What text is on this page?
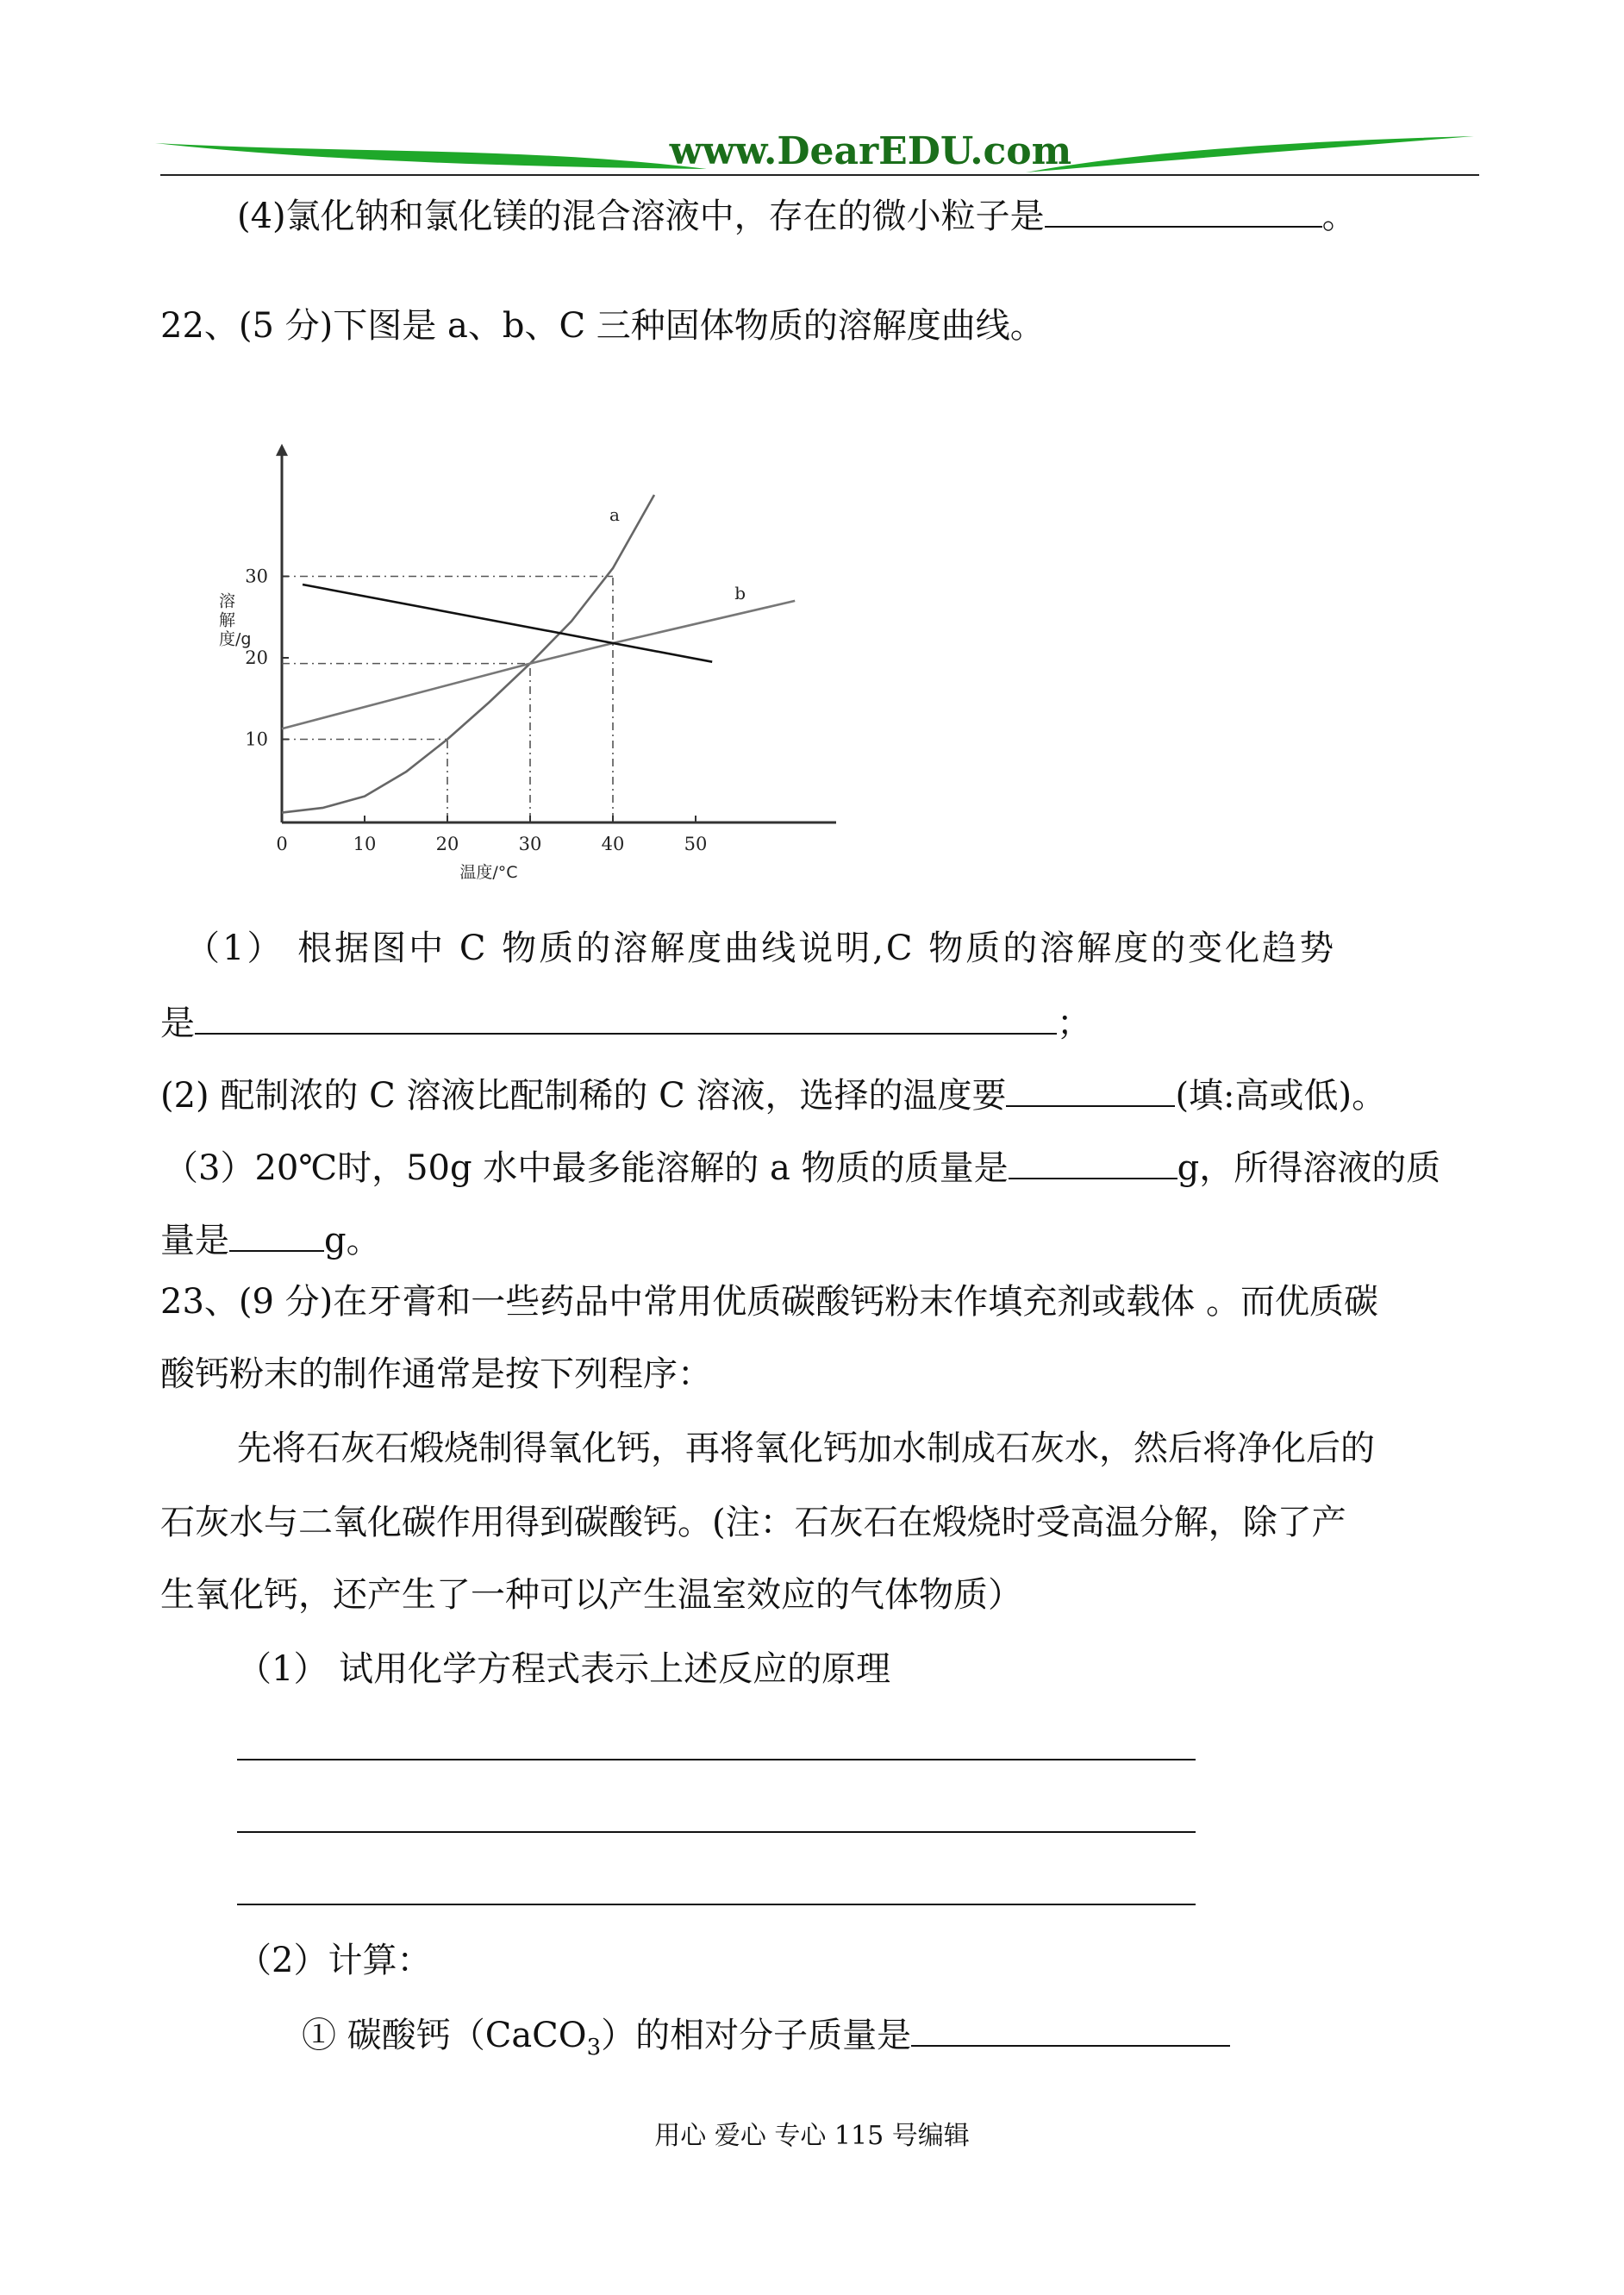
www.DearEDU.com
(4)氯化钠和氯化镁的混合溶液中，存在的微小粒子是	。
22、(5 分)下图是 a、b、C 三种固体物质的溶解度曲线。
0	10	20	30	40	50
10
20
30
a
b
温度/°C
溶解度/g
（1） 根据图中 C 物质的溶解度曲线说明,C 物质的溶解度的变化趋势
是	；
(2) 配制浓的 C 溶液比配制稀的 C 溶液，选择的温度要	(填:高或低)。
（3）20℃时，50g 水中最多能溶解的 a 物质的质量是	g，所得溶液的质
量是	g。
23、(9 分)在牙膏和一些药品中常用优质碳酸钙粉末作填充剂或载体 。而优质碳
酸钙粉末的制作通常是按下列程序：
先将石灰石煅烧制得氧化钙，再将氧化钙加水制成石灰水，然后将净化后的
石灰水与二氧化碳作用得到碳酸钙。(注：石灰石在煅烧时受高温分解，除了产
生氧化钙，还产生了一种可以产生温室效应的气体物质）
（1） 试用化学方程式表示上述反应的原理
（2）计算：
① 碳酸钙（CaCO$_3$）的相对分子质量是
用心 爱心 专心 115 号编辑
